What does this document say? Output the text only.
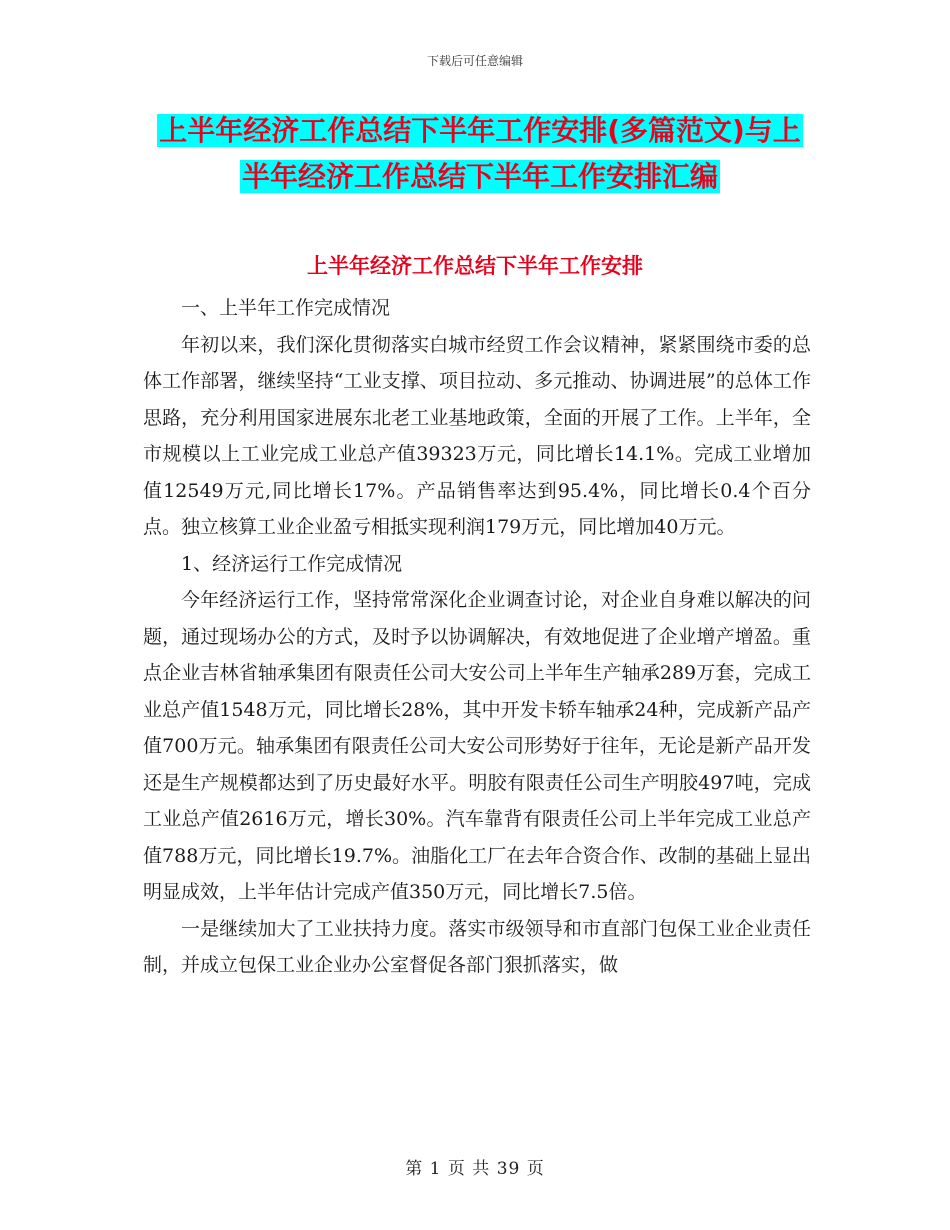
下载后可任意编辑
上半年经济工作总结下半年工作安排(多篇范文)与上
半年经济工作总结下半年工作安排汇编
上半年经济工作总结下半年工作安排

一、上半年工作完成情况

年初以来，我们深化贯彻落实白城市经贸工作会议精神，紧紧围绕市委的总体工作部署，继续坚持“工业支撑、项目拉动、多元推动、协调进展”的总体工作思路，充分利用国家进展东北老工业基地政策，全面的开展了工作。上半年，全市规模以上工业完成工业总产值39323万元，同比增长14.1%。完成工业增加值12549万元,同比增长17%。产品销售率达到95.4%，同比增长0.4个百分点。独立核算工业企业盈亏相抵实现利润179万元，同比增加40万元。

1、经济运行工作完成情况

今年经济运行工作，坚持常常深化企业调查讨论，对企业自身难以解决的问题，通过现场办公的方式，及时予以协调解决，有效地促进了企业增产增盈。重点企业吉林省轴承集团有限责任公司大安公司上半年生产轴承289万套，完成工业总产值1548万元，同比增长28%，其中开发卡轿车轴承24种，完成新产品产值700万元。轴承集团有限责任公司大安公司形势好于往年，无论是新产品开发还是生产规模都达到了历史最好水平。明胶有限责任公司生产明胶497吨，完成工业总产值2616万元，增长30%。汽车靠背有限责任公司上半年完成工业总产值788万元，同比增长19.7%。油脂化工厂在去年合资合作、改制的基础上显出明显成效，上半年估计完成产值350万元，同比增长7.5倍。

一是继续加大了工业扶持力度。落实市级领导和市直部门包保工业企业责任制，并成立包保工业企业办公室督促各部门狠抓落实，做

第 1 页 共 39 页
